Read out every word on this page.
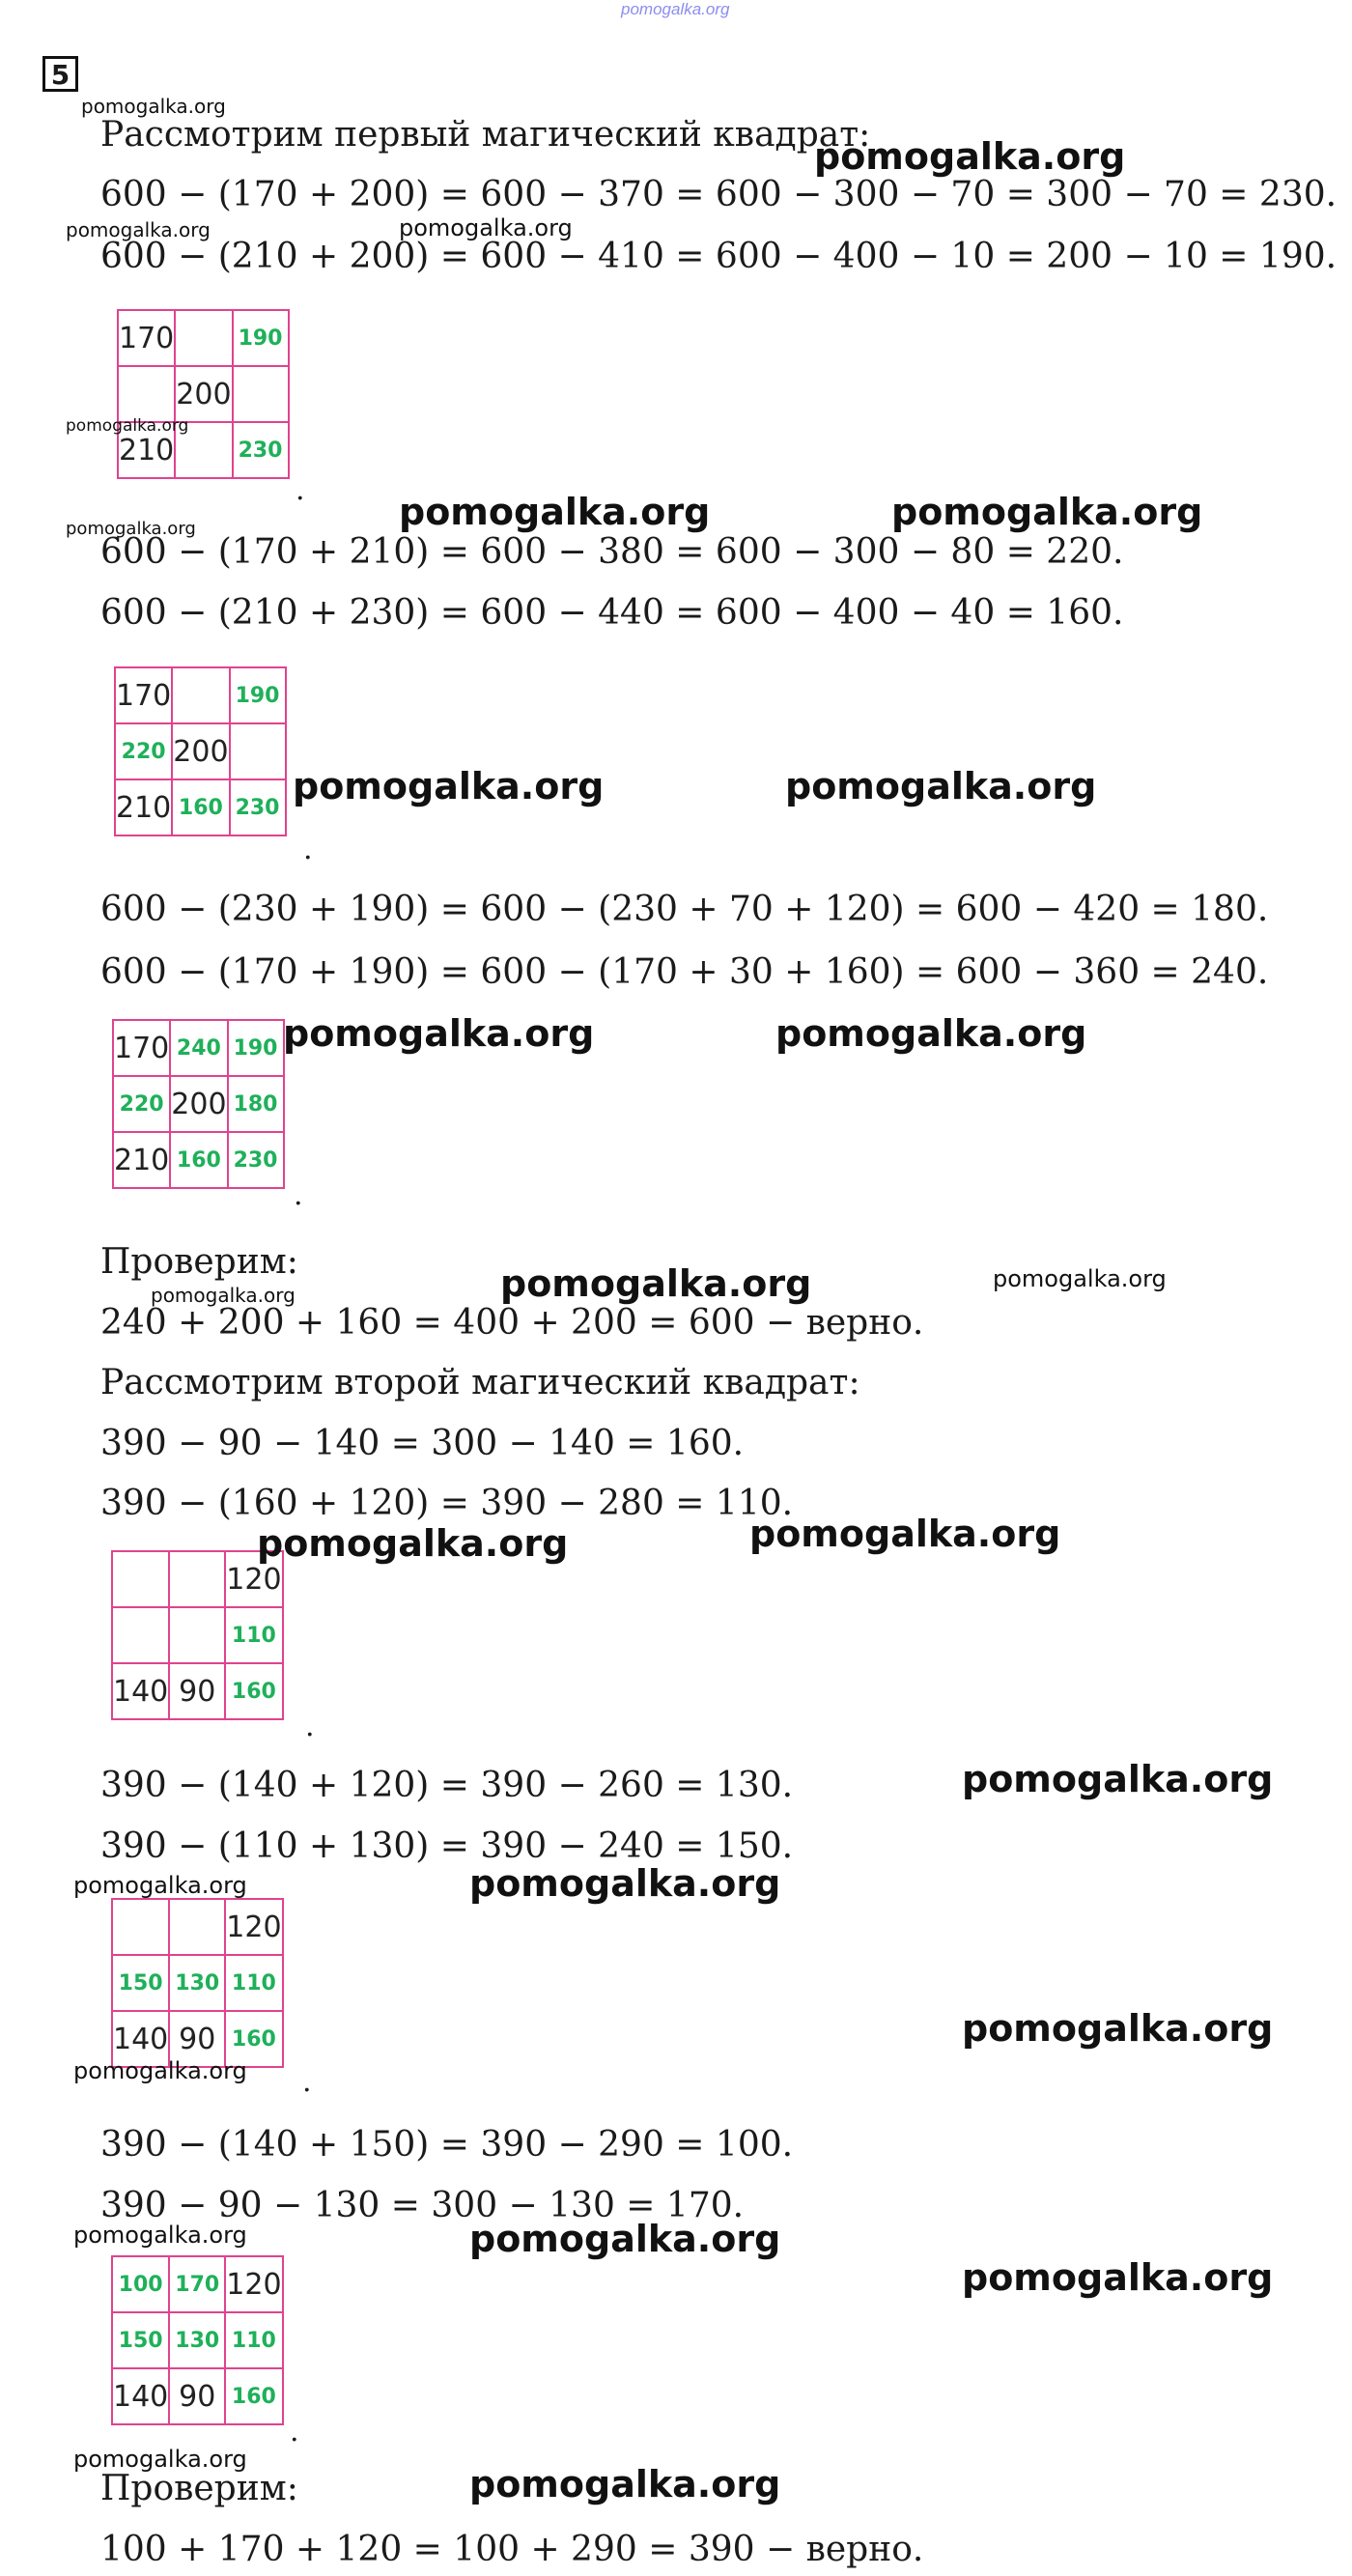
pomogalka.org
5
Рассмотрим первый магический квадрат:
600 − (170 + 200) = 600 − 370 = 600 − 300 − 70 = 300 − 70 = 230.
600 − (210 + 200) = 600 − 410 = 600 − 400 − 10 = 200 − 10 = 190.
600 − (170 + 210) = 600 − 380 = 600 − 300 − 80 = 220.
600 − (210 + 230) = 600 − 440 = 600 − 400 − 40 = 160.
600 − (230 + 190) = 600 − (230 + 70 + 120) = 600 − 420 = 180.
600 − (170 + 190) = 600 − (170 + 30 + 160) = 600 − 360 = 240.
Проверим:
240 + 200 + 160 = 400 + 200 = 600 − верно.
Рассмотрим второй магический квадрат:
390 − 90 − 140 = 300 − 140 = 160.
390 − (160 + 120) = 390 − 280 = 110.
390 − (140 + 120) = 390 − 260 = 130.
390 − (110 + 130) = 390 − 240 = 150.
390 − (140 + 150) = 390 − 290 = 100.
390 − 90 − 130 = 300 − 130 = 170.
Проверим:
100 + 170 + 120 = 100 + 290 = 390 − верно.
170		190
	200	
210		230
.
170		190
220	200	
210	160	230
.
170	240	190
220	200	180
210	160	230
.
		120
		110
140	90	160
.
		120
150	130	110
140	90	160
.
100	170	120
150	130	110
140	90	160
.
pomogalka.org
pomogalka.org
pomogalka.org	pomogalka.org
pomogalka.org
pomogalka.org	pomogalka.org	pomogalka.org
pomogalka.org	pomogalka.org
pomogalka.org	pomogalka.org
pomogalka.org	pomogalka.org	pomogalka.org
pomogalka.org	pomogalka.org
pomogalka.org
pomogalka.org	pomogalka.org
pomogalka.org
pomogalka.org
pomogalka.org	pomogalka.org
pomogalka.org
pomogalka.org
pomogalka.org
